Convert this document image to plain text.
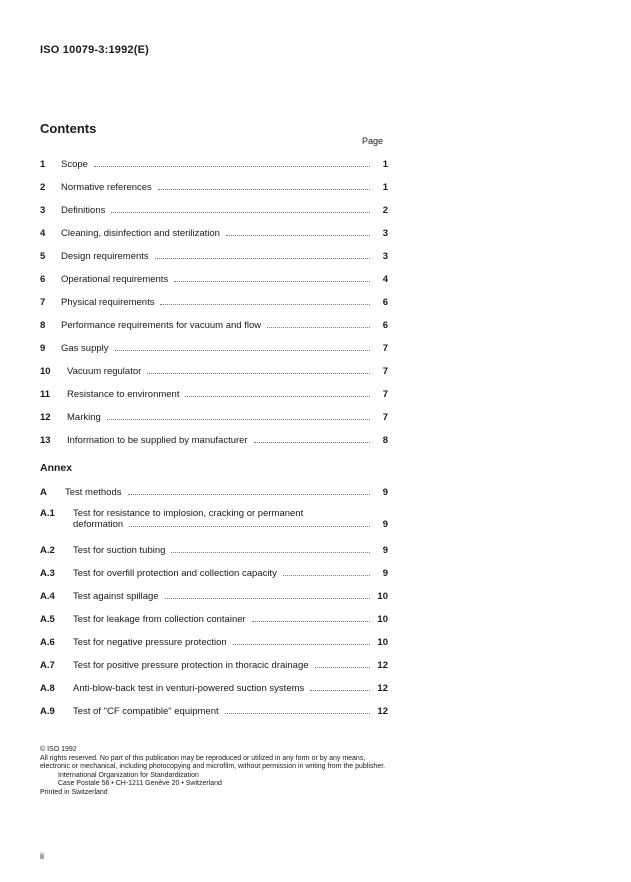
ISO 10079-3:1992(E)
Contents
Page
1	Scope	1
2	Normative references	1
3	Definitions	2
4	Cleaning, disinfection and sterilization	3
5	Design requirements	3
6	Operational requirements	4
7	Physical requirements	6
8	Performance requirements for vacuum and flow	6
9	Gas supply	7
10	Vacuum regulator	7
11	Resistance to environment	7
12	Marking	7
13	Information to be supplied by manufacturer	8
Annex
A	Test methods	9
A.1	Test for resistance to implosion, cracking or permanent
deformation	9
A.2	Test for suction tubing	9
A.3	Test for overfill protection and collection capacity	9
A.4	Test against spillage	10
A.5	Test for leakage from collection container	10
A.6	Test for negative pressure protection	10
A.7	Test for positive pressure protection in thoracic drainage	12
A.8	Anti-blow-back test in venturi-powered suction systems	12
A.9	Test of "CF compatible" equipment	12
© ISO 1992
All rights reserved. No part of this publication may be reproduced or utilized in any form or by any means, electronic or mechanical, including photocopying and microfilm, without permission in writing from the publisher.
International Organization for Standardization
Case Postale 56 • CH-1211 Genève 20 • Switzerland
Printed in Switzerland
ii
